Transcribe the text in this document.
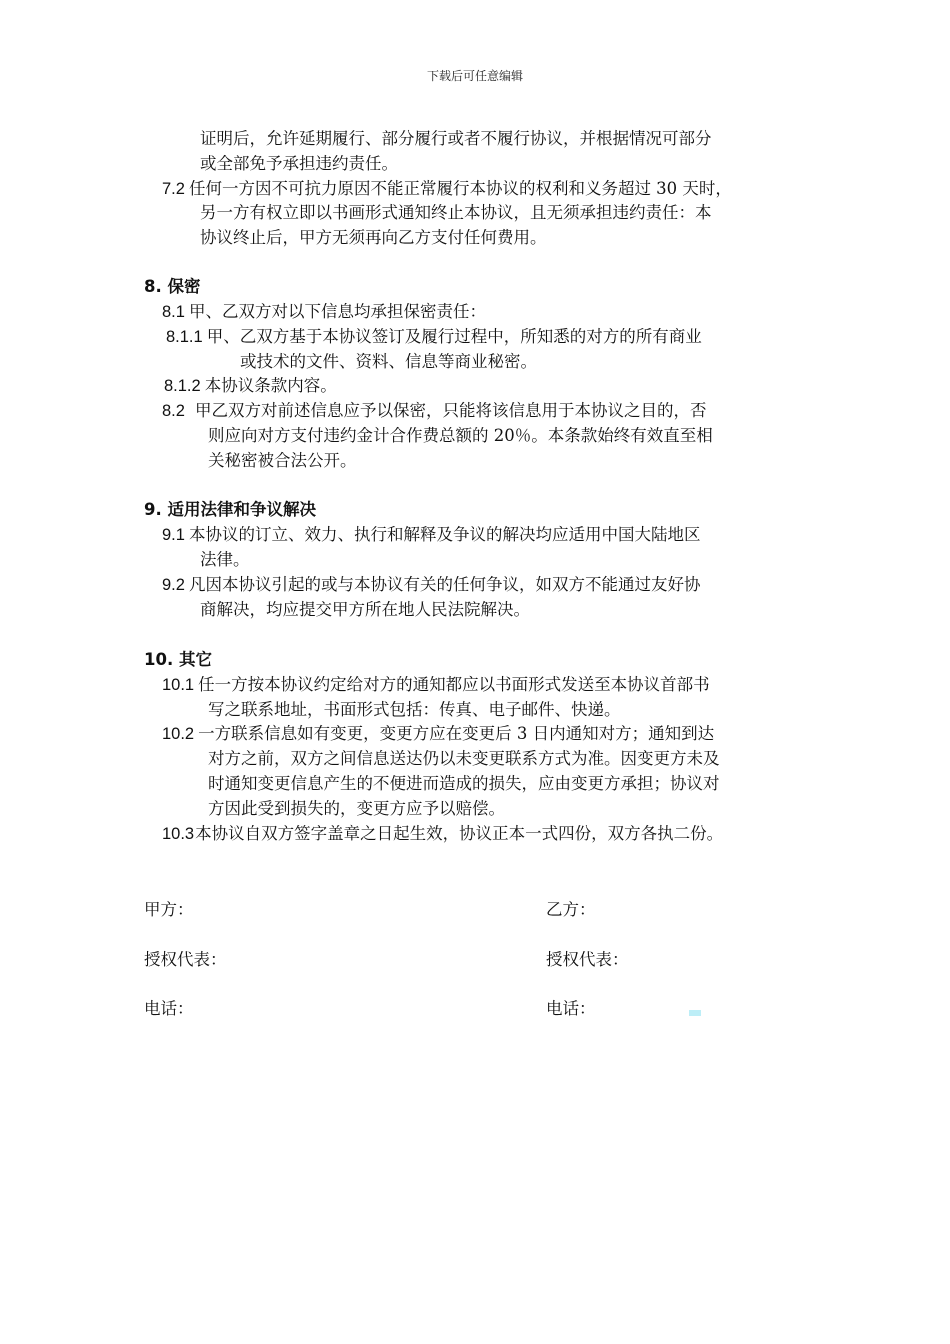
下载后可任意编辑
证明后，允许延期履行、部分履行或者不履行协议，并根据情况可部分
或全部免予承担违约责任。
7.2 任何一方因不可抗力原因不能正常履行本协议的权利和义务超过 30 天时，
另一方有权立即以书画形式通知终止本协议，且无须承担违约责任：本
协议终止后，甲方无须再向乙方支付任何费用。
8. 保密
8.1 甲、乙双方对以下信息均承担保密责任：
8.1.1 甲、乙双方基于本协议签订及履行过程中，所知悉的对方的所有商业
或技术的文件、资料、信息等商业秘密。
8.1.2 本协议条款内容。
8.2 甲乙双方对前述信息应予以保密，只能将该信息用于本协议之目的，否
则应向对方支付违约金计合作费总额的 20％。本条款始终有效直至相
关秘密被合法公开。
9. 适用法律和争议解决
9.1 本协议的订立、效力、执行和解释及争议的解决均应适用中国大陆地区
法律。
9.2 凡因本协议引起的或与本协议有关的任何争议，如双方不能通过友好协
商解决，均应提交甲方所在地人民法院解决。
10. 其它
10.1 任一方按本协议约定给对方的通知都应以书面形式发送至本协议首部书
写之联系地址，书面形式包括：传真、电子邮件、快递。
10.2 一方联系信息如有变更，变更方应在变更后 3 日内通知对方；通知到达
对方之前，双方之间信息送达仍以未变更联系方式为准。因变更方未及
时通知变更信息产生的不便进而造成的损失，应由变更方承担；协议对
方因此受到损失的，变更方应予以赔偿。
10.3本协议自双方签字盖章之日起生效，协议正本一式四份，双方各执二份。
甲方：	乙方：
授权代表：	授权代表：
电话：	电话：
